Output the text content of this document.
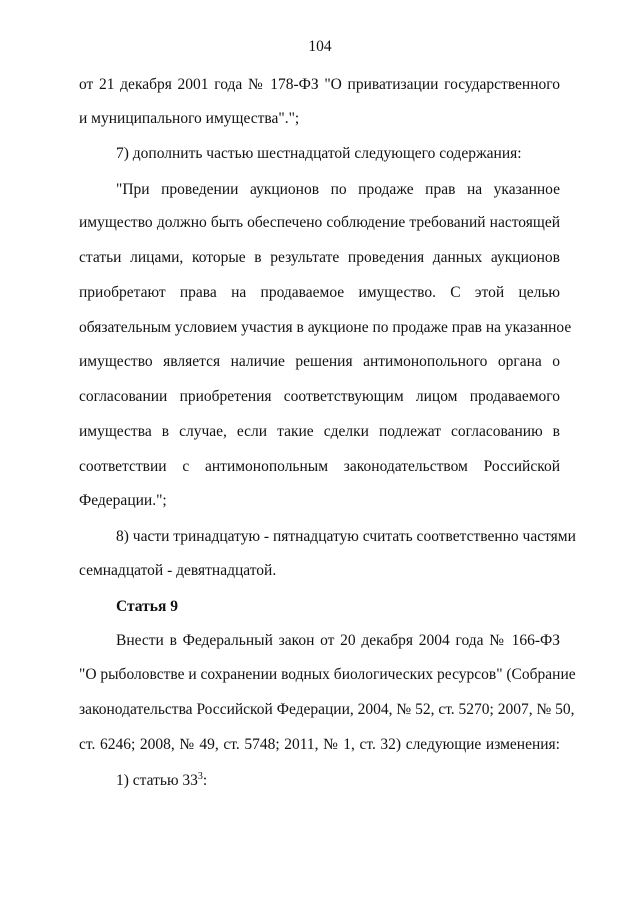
104

от 21 декабря 2001 года № 178-ФЗ "О приватизации государственного

и муниципального имущества".";

7) дополнить частью шестнадцатой следующего содержания:

"При проведении аукционов по продаже прав на указанное

имущество должно быть обеспечено соблюдение требований настоящей

статьи лицами, которые в результате проведения данных аукционов

приобретают права на продаваемое имущество. С этой целью

обязательным условием участия в аукционе по продаже прав на указанное

имущество является наличие решения антимонопольного органа о

согласовании приобретения соответствующим лицом продаваемого

имущества в случае, если такие сделки подлежат согласованию в

соответствии с антимонопольным законодательством Российской

Федерации.";

8) части тринадцатую - пятнадцатую считать соответственно частями

семнадцатой - девятнадцатой.

Статья 9

Внести в Федеральный закон от 20 декабря 2004 года № 166-ФЗ

"О рыболовстве и сохранении водных биологических ресурсов" (Собрание

законодательства Российской Федерации, 2004, № 52, ст. 5270; 2007, № 50,

ст. 6246; 2008, № 49, ст. 5748; 2011, № 1, ст. 32) следующие изменения:

1) статью $33^3$:
